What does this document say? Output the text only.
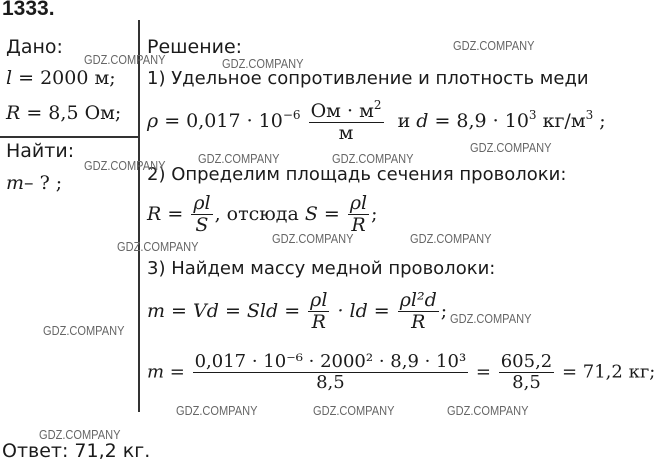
1333.
Дано:
l = 2000 м;
R = 8,5 Ом;
Найти:
m– ? ;
Решение:
1) Удельное сопротивление и плотность меди
$\rho = 0,017 \cdot 10^{-6} \frac{Ом \cdot м^2}{м}$ и $d = 8,9 \cdot 10^3$ $кг/м^3$ ;
2) Определим площадь сечения проволоки:
$R = \frac{\rho l}{S}$ , отсюда $S = \frac{\rho l}{R}$ ;
3) Найдем массу медной проволоки:
m = Vd = Sld = $\frac{\rho l}{R}$ · ld = $\frac{\text{ρl²d}}{R}$ ;
$m = \frac{\text{0,017 · 10⁻⁶ · 2000² · 8,9 · 10³}}{8,5} = \frac{605,2}{8,5} = 71,2$ кг;
Ответ: 71,2 кг.
GDZ.COMPANY	GDZ.COMPANY
GDZ.COMPANY
GDZ.COMPANY
GDZ.COMPANY	GDZ.COMPANY
GDZ.COMPANY
GDZ.COMPANY	GDZ.COMPANY
GDZ.COMPANY
GDZ.COMPANY
GDZ.COMPANY
GDZ.COMPANY	GDZ.COMPANY	GDZ.COMPANY
GDZ.COMPANY
